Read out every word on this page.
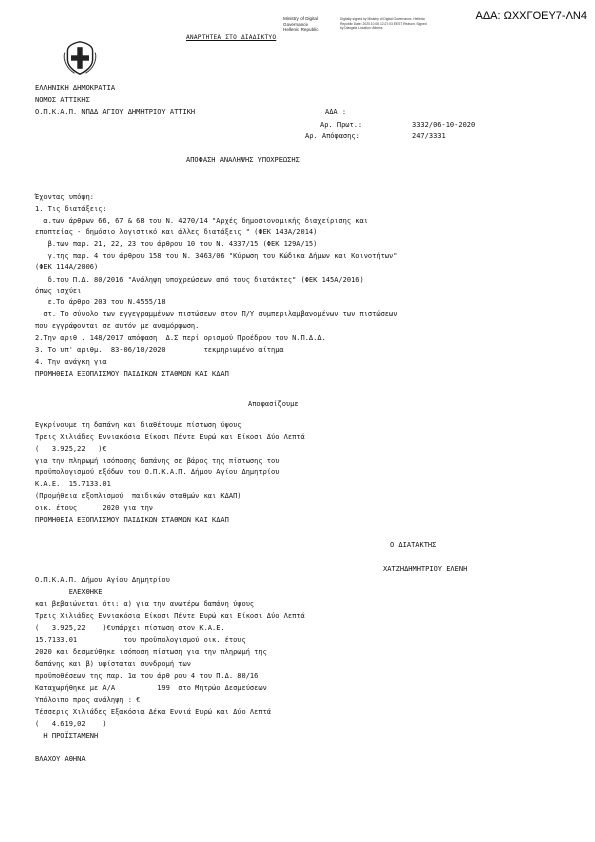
ΑΔΑ: ΩΧΧΓΟΕΥ7-ΛΝ4
Ministry of Digital
Governance
Hellenic Republic
Digitally signed by Ministry of Digital Governance, Hellenic Republic Date: 2020.10.06 12:27:03 EEST Reason: Signed by Diavgeia Location: Athens
ΑΝΑΡΤΗΤΕΑ ΣΤΟ ΔΙΑΔΙΚΤΥΟ
ΕΛΛΗΝΙΚΗ ΔΗΜΟΚΡΑΤΙΑ
ΝΟΜΟΣ ΑΤΤΙΚΗΣ
Ο.Π.Κ.Α.Π. ΝΠΔΔ ΑΓΙΟΥ ΔΗΜΗΤΡΙΟΥ ΑΤΤΙΚΗ	ΑΔΑ :
Αρ. Πρωτ.:	3332/06-10-2020
Αρ. Απόφασης:	247/3331
ΑΠΟΦΑΣΗ ΑΝΑΛΗΨΗΣ ΥΠΟΧΡΕΩΣΗΣ
Έχοντας υπόψη:
1. Τις διατάξεις:
α.των άρθρων 66, 67 & 68 του Ν. 4270/14 "Αρχές δημοσιονομικής διαχείρισης και
εποπτείας - δημόσιο λογιστικό και άλλες διατάξεις " (ΦΕΚ 143Α/2014)
β.των παρ. 21, 22, 23 του άρθρου 10 του Ν. 4337/15 (ΦΕΚ 129Α/15)
γ.της παρ. 4 του άρθρου 158 του Ν. 3463/06 "Κύρωση του Κώδικα Δήμων και Κοινοτήτων"
(ΦΕΚ 114Α/2006)
δ.του Π.Δ. 80/2016 "Ανάληψη υποχρεώσεων από τους διατάκτες" (ΦΕΚ 145Α/2016)
όπως ισχύει
ε.Το άρθρο 203 του Ν.4555/18
στ. Το σύνολο των εγγεγραμμένων πιστώσεων στον Π/Υ συμπεριλαμβανομένων των πιστώσεων
που εγγράφονται σε αυτόν με αναμόρφωση.
2.Την αριθ . 148/2017 απόφαση  Δ.Σ περί ορισμού Προέδρου του Ν.Π.Δ.Δ.
3. Το υπ' αριθμ.  83-06/10/2020         τεκμηριωμένο αίτημα
4. Την ανάγκη για
ΠΡΟΜΗΘΕΙΑ ΕΞΟΠΛΙΣΜΟΥ ΠΑΙΔΙΚΩΝ ΣΤΑΘΜΩΝ ΚΑΙ ΚΔΑΠ
Αποφασίζουμε
Εγκρίνουμε τη δαπάνη και διαθέτουμε πίστωση ύψους
Τρεις Χιλιάδες Εννιακόσια Είκοσι Πέντε Ευρώ και Είκοσι Δύο Λεπτά
(   3.925,22   )€
για την πληρωμή ισόποσης δαπάνης σε βάρος της πίστωσης του
προϋπολογισμού εξόδων του Ο.Π.Κ.Α.Π. Δήμου Αγίου Δημητρίου
Κ.Α.Ε.  15.7133.01
(Προμήθεια εξοπλισμού  παιδικών σταθμών και ΚΔΑΠ)
οικ. έτους      2020 για την
ΠΡΟΜΗΘΕΙΑ ΕΞΟΠΛΙΣΜΟΥ ΠΑΙΔΙΚΩΝ ΣΤΑΘΜΩΝ ΚΑΙ ΚΔΑΠ
Ο ΔΙΑΤΑΚΤΗΣ
ΧΑΤΖΗΔΗΜΗΤΡΙΟΥ ΕΛΕΝΗ
Ο.Π.Κ.Α.Π. Δήμου Αγίου Δημητρίου
ΕΛΕΧΘΗΚΕ
και βεβαιώνεται ότι: α) για την ανωτέρω δαπάνη ύψους
Τρεις Χιλιάδες Εννιακόσια Είκοσι Πέντε Ευρώ και Είκοσι Δύο Λεπτά
(   3.925,22    )€υπάρχει πίστωση στον Κ.Α.Ε.
15.7133.01           του προϋπολογισμού οικ. έτους
2020 και δεσμεύθηκε ισόποση πίστωση για την πληρωμή της
δαπάνης και β) υφίσταται συνδρομή των
προϋποθέσεων της παρ. 1α του άρθ ρου 4 του Π.Δ. 80/16
Καταχωρήθηκε με Α/Α          199  στο Μητρώο Δεσμεύσεων
Υπόλοιπο προς ανάληψη : €
Τέσσερις Χιλιάδες Εξακόσια Δέκα Εννιά Ευρώ και Δύο Λεπτά
(   4.619,02    )
Η ΠΡΟΪΣΤΑΜΕΝΗ
ΒΛΑΧΟΥ ΑΘΗΝΑ
